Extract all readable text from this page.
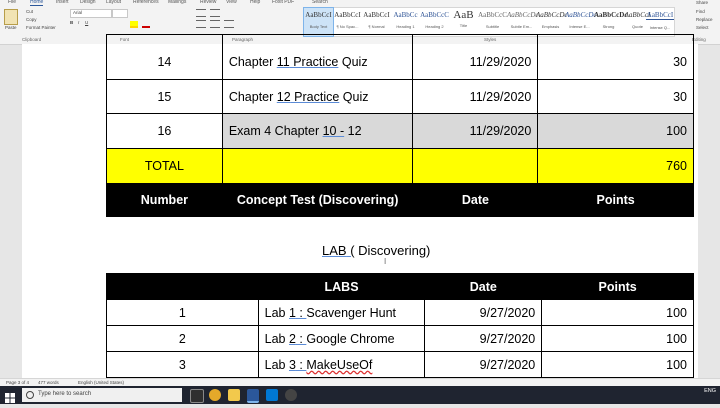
File	Home	Insert Design Layout References Mailings	Review View	Help Foxit PDF	Search
Paste
Cut
Copy
Format Painter
Clipboard
Arial
B I U
Font	Paragraph
AaBbCcI
Body Text
AaBbCcI
¶ No Spac...
AaBbCcI
¶ Normal
AaBbCc
Heading 1
AaBbCcC
Heading 2
AaB
Title
AaBbCcC
Subtitle
AaBbCcDc
Subtle Em...
AaBbCcDc
Emphasis
AaBbCcDc
Intense E...
AaBbCcDc
Strong
AaBbCcI
Quote
AaBbCcI
Intense Q...
Styles
Share
Find
Replace
Select
Editing
14	Chapter 11 Practice Quiz	11/29/2020	30
15	Chapter 12 Practice Quiz	11/29/2020	30
16	Exam 4 Chapter 10 - 12	11/29/2020	100
TOTAL			760
Number	Concept Test (Discovering)	Date	Points
LAB ( Discovering)
I
	LABS	Date	Points
1	Lab 1 : Scavenger Hunt	9/27/2020	100
2	Lab 2 : Google Chrome	9/27/2020	100
3	Lab 3 : MakeUseOf	9/27/2020	100
Page 3 of 4 477 words	English (United States)
Type here to search	ENG
